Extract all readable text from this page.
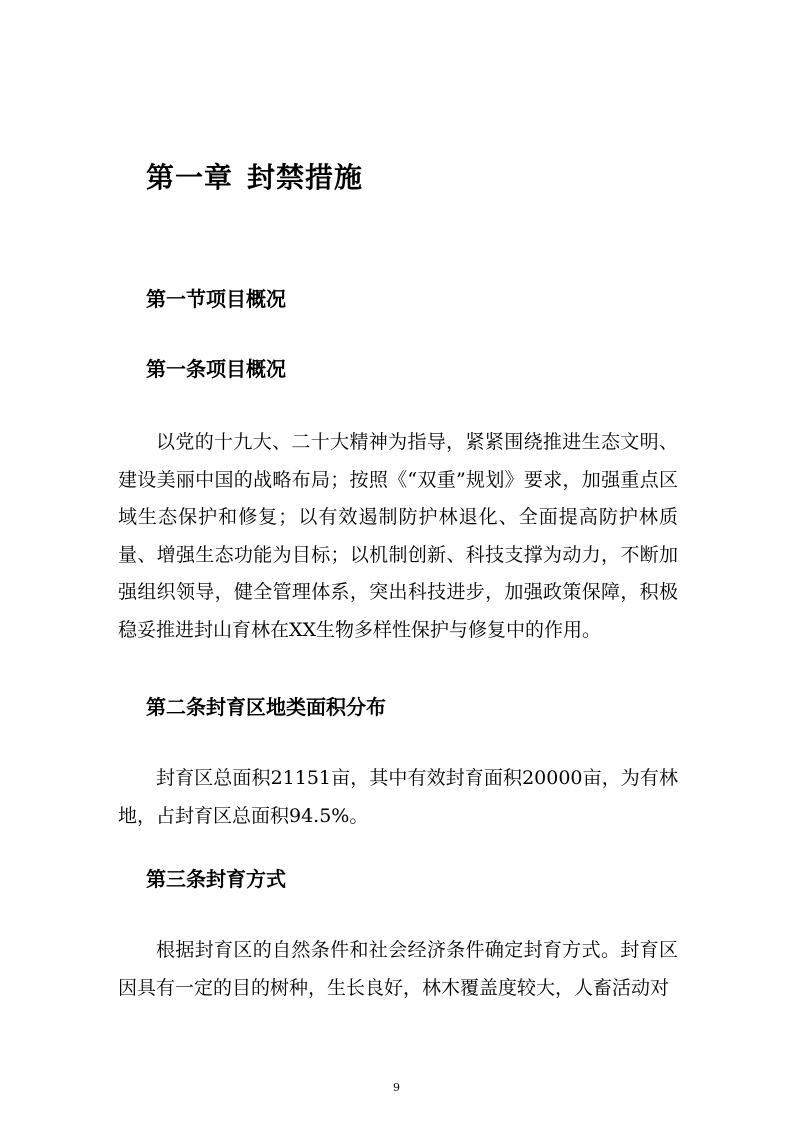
第一章 封禁措施
第一节项目概况
第一条项目概况
以党的十九大、二十大精神为指导，紧紧围绕推进生态文明、建设美丽中国的战略布局；按照《“双重”规划》要求，加强重点区域生态保护和修复；以有效遏制防护林退化、全面提高防护林质量、增强生态功能为目标；以机制创新、科技支撑为动力，不断加强组织领导，健全管理体系，突出科技进步，加强政策保障，积极稳妥推进封山育林在XX生物多样性保护与修复中的作用。
第二条封育区地类面积分布
封育区总面积21151亩，其中有效封育面积20000亩，为有林地，占封育区总面积94.5%。
第三条封育方式
根据封育区的自然条件和社会经济条件确定封育方式。封育区因具有一定的目的树种，生长良好，林木覆盖度较大，人畜活动对
9
